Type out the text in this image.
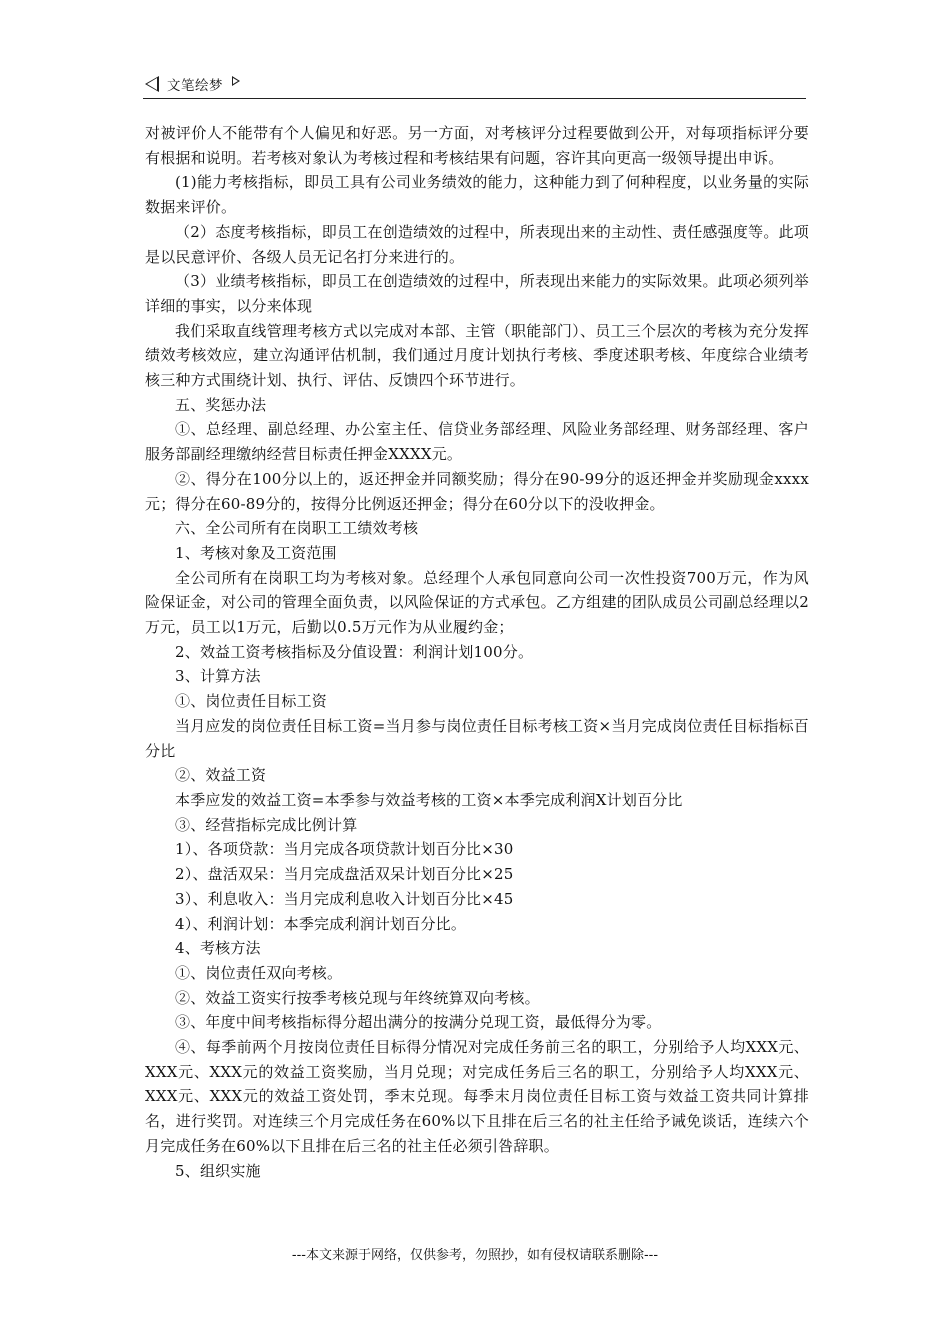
文笔绘梦

对被评价人不能带有个人偏见和好恶。另一方面，对考核评分过程要做到公开，对每项指标评分要有根据和说明。若考核对象认为考核过程和考核结果有问题，容许其向更高一级领导提出申诉。

(1)能力考核指标，即员工具有公司业务绩效的能力，这种能力到了何种程度，以业务量的实际数据来评价。

（2）态度考核指标，即员工在创造绩效的过程中，所表现出来的主动性、责任感强度等。此项是以民意评价、各级人员无记名打分来进行的。

（3）业绩考核指标，即员工在创造绩效的过程中，所表现出来能力的实际效果。此项必须列举详细的事实，以分来体现

我们采取直线管理考核方式以完成对本部、主管（职能部门）、员工三个层次的考核为充分发挥绩效考核效应，建立沟通评估机制，我们通过月度计划执行考核、季度述职考核、年度综合业绩考核三种方式围绕计划、执行、评估、反馈四个环节进行。

五、奖惩办法

①、总经理、副总经理、办公室主任、信贷业务部经理、风险业务部经理、财务部经理、客户服务部副经理缴纳经营目标责任押金XXXX元。

②、得分在100分以上的，返还押金并同额奖励；得分在90-99分的返还押金并奖励现金xxxx元；得分在60-89分的，按得分比例返还押金；得分在60分以下的没收押金。

六、全公司所有在岗职工工绩效考核

1、考核对象及工资范围

全公司所有在岗职工均为考核对象。总经理个人承包同意向公司一次性投资700万元，作为风险保证金，对公司的管理全面负责，以风险保证的方式承包。乙方组建的团队成员公司副总经理以2万元，员工以1万元，后勤以0.5万元作为从业履约金；

2、效益工资考核指标及分值设置：利润计划100分。

3、计算方法

①、岗位责任目标工资

当月应发的岗位责任目标工资=当月参与岗位责任目标考核工资×当月完成岗位责任目标指标百分比

②、效益工资

本季应发的效益工资=本季参与效益考核的工资×本季完成利润X计划百分比

③、经营指标完成比例计算

1）、各项贷款：当月完成各项贷款计划百分比×30

2）、盘活双呆：当月完成盘活双呆计划百分比×25

3）、利息收入：当月完成利息收入计划百分比×45

4）、利润计划：本季完成利润计划百分比。

4、考核方法

①、岗位责任双向考核。

②、效益工资实行按季考核兑现与年终统算双向考核。

③、年度中间考核指标得分超出满分的按满分兑现工资，最低得分为零。

④、每季前两个月按岗位责任目标得分情况对完成任务前三名的职工，分别给予人均XXX元、XXX元、XXX元的效益工资奖励，当月兑现；对完成任务后三名的职工，分别给予人均XXX元、XXX元、XXX元的效益工资处罚，季末兑现。每季末月岗位责任目标工资与效益工资共同计算排名，进行奖罚。对连续三个月完成任务在60%以下且排在后三名的社主任给予诫免谈话，连续六个月完成任务在60%以下且排在后三名的社主任必须引咎辞职。

5、组织实施

---本文来源于网络，仅供参考，勿照抄，如有侵权请联系删除---
